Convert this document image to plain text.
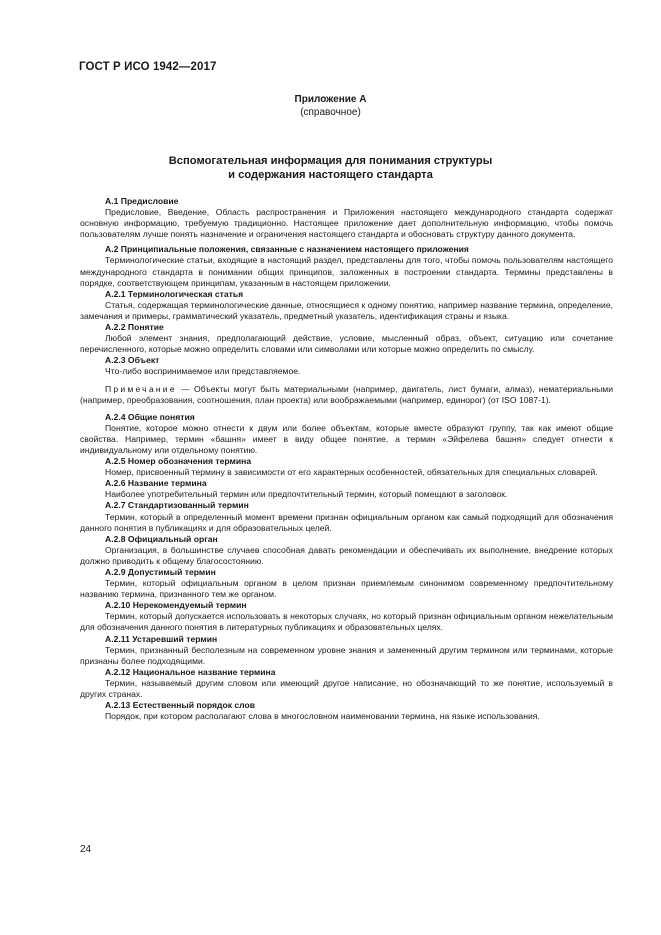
ГОСТ Р ИСО 1942—2017
Приложение А
(справочное)
Вспомогательная информация для понимания структуры
и содержания настоящего стандарта
А.1 Предисловие

Предисловие, Введение, Область распространения и Приложения настоящего международного стандарта содержат основную информацию, требуемую традиционно. Настоящее приложение дает дополнительную информацию, чтобы помочь пользователям лучше понять назначение и ограничения настоящего стандарта и обосновать структуру данного документа.

А.2 Принципиальные положения, связанные с назначением настоящего приложения

Терминологические статьи, входящие в настоящий раздел, представлены для того, чтобы помочь пользователям настоящего международного стандарта в понимании общих принципов, заложенных в построении стандарта. Термины представлены в порядке, соответствующем принципам, указанным в настоящем приложении.

А.2.1 Терминологическая статья

Статья, содержащая терминологические данные, относящиеся к одному понятию, например название термина, определение, замечания и примеры, грамматический указатель, предметный указатель, идентификация страны и языка.

А.2.2 Понятие

Любой элемент знания, предполагающий действие, условие, мысленный образ, объект, ситуацию или сочетание перечисленного, которые можно определить словами или символами или которые можно определить по смыслу.

А.2.3 Объект

Что-либо воспринимаемое или представляемое.

Примечание — Объекты могут быть материальными (например, двигатель, лист бумаги, алмаз), нематериальными (например, преобразования, соотношения, план проекта) или воображаемыми (например, единорог) (от ISO 1087-1).

А.2.4 Общие понятия

Понятие, которое можно отнести к двум или более объектам, которые вместе образуют группу, так как имеют общие свойства. Например, термин «башня» имеет в виду общее понятие, а термин «Эйфелева башня» следует отнести к индивидуальному или отдельному понятию.

А.2.5 Номер обозначения термина

Номер, присвоенный термину в зависимости от его характерных особенностей, обязательных для специальных словарей.

А.2.6 Название термина

Наиболее употребительный термин или предпочтительный термин, который помещают в заголовок.

А.2.7 Стандартизованный термин

Термин, который в определенный момент времени признан официальным органом как самый подходящий для обозначения данного понятия в публикациях и для образовательных целей.

А.2.8 Официальный орган

Организация, в большинстве случаев способная давать рекомендации и обеспечивать их выполнение, внедрение которых должно приводить к общему благосостоянию.

А.2.9 Допустимый термин

Термин, который официальным органом в целом признан приемлемым синонимом современному предпочтительному названию термина, признанного тем же органом.

А.2.10 Нерекомендуемый термин

Термин, который допускается использовать в некоторых случаях, но который признан официальным органом нежелательным для обозначения данного понятия в литературных публикациях и образовательных целях.

А.2.11 Устаревший термин

Термин, признанный бесполезным на современном уровне знания и замененный другим термином или терминами, которые признаны более подходящими.

А.2.12 Национальное название термина

Термин, называемый другим словом или имеющий другое написание, но обозначающий то же понятие, используемый в других странах.

А.2.13 Естественный порядок слов

Порядок, при котором располагают слова в многословном наименовании термина, на языке использования.

24
